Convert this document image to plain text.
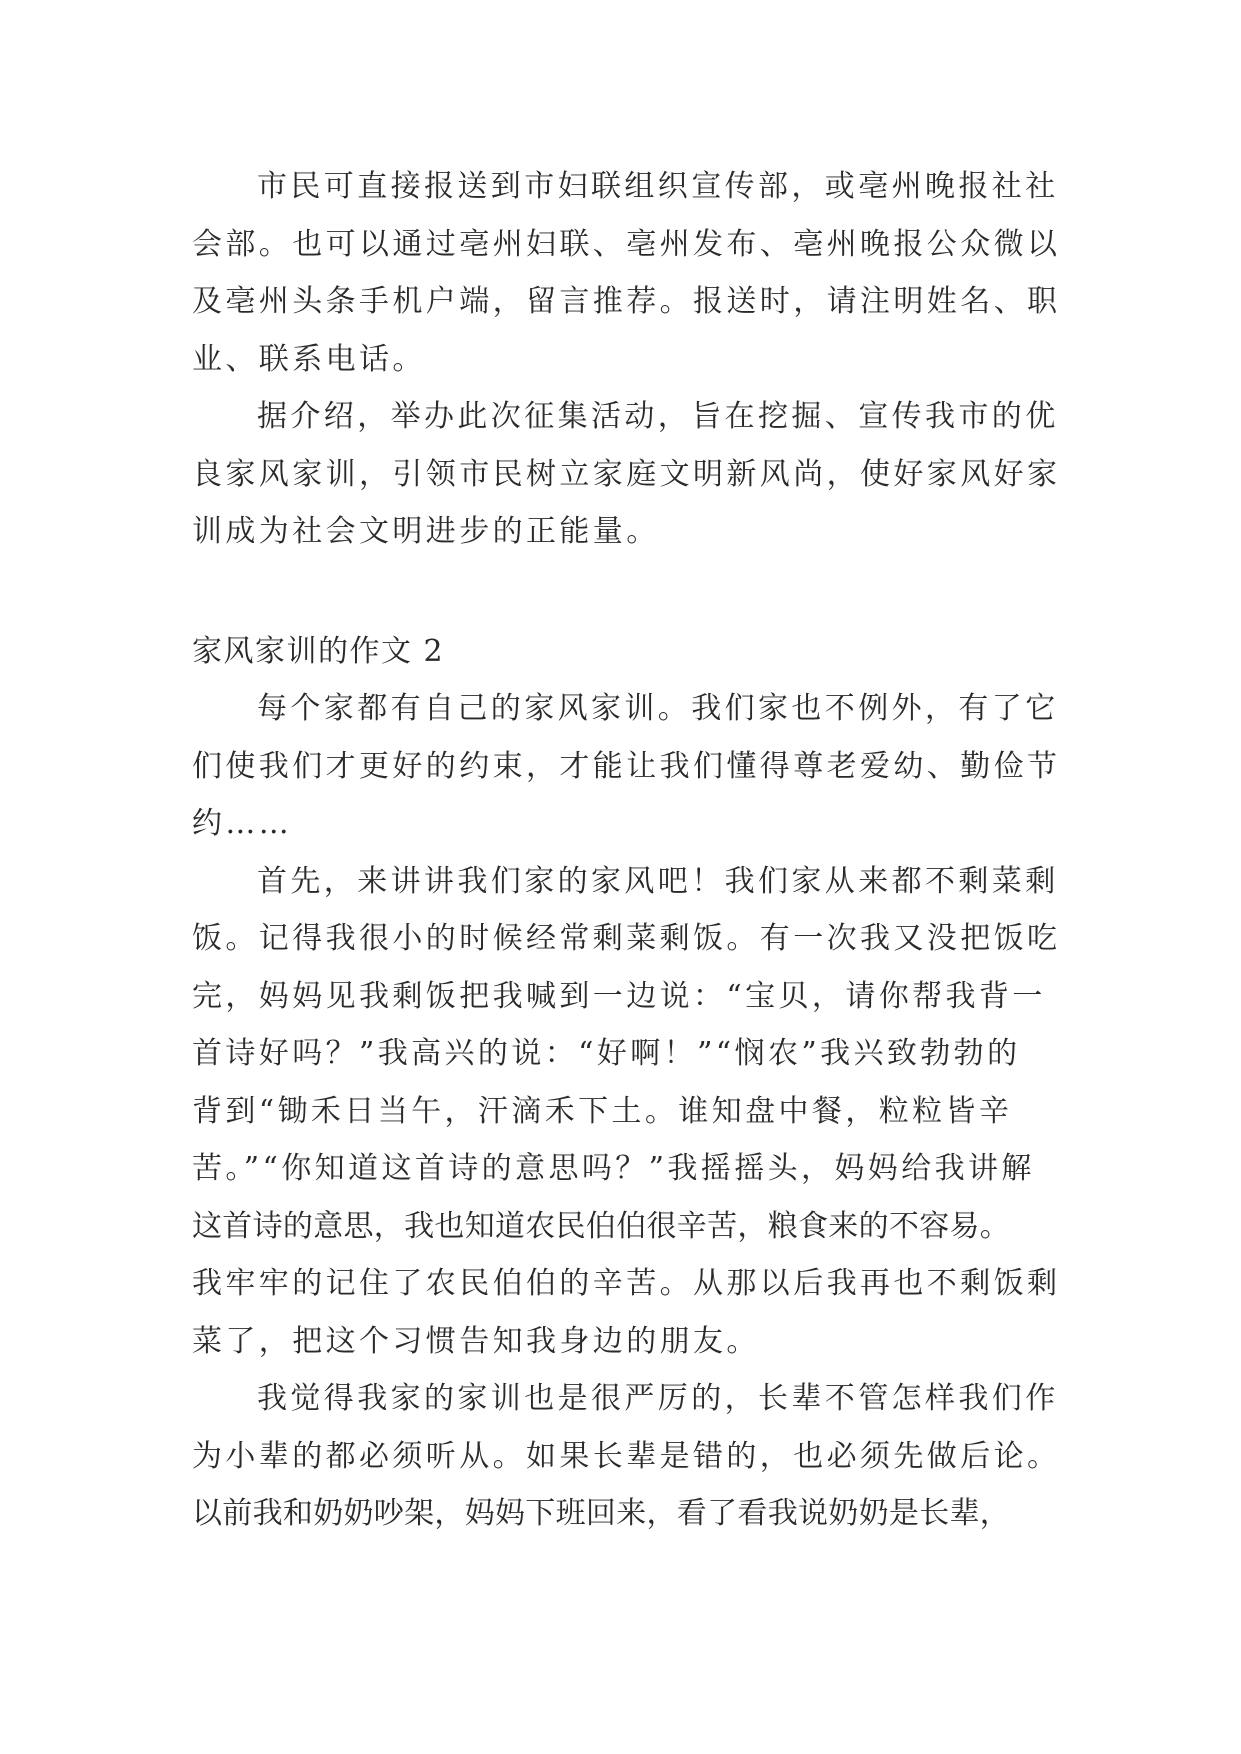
市民可直接报送到市妇联组织宣传部，或亳州晚报社社
会部。也可以通过亳州妇联、亳州发布、亳州晚报公众微以
及亳州头条手机户端，留言推荐。报送时，请注明姓名、职
业、联系电话。
据介绍，举办此次征集活动，旨在挖掘、宣传我市的优
良家风家训，引领市民树立家庭文明新风尚，使好家风好家
训成为社会文明进步的正能量。
家风家训的作文 2
每个家都有自己的家风家训。我们家也不例外，有了它
们使我们才更好的约束，才能让我们懂得尊老爱幼、勤俭节
约……
首先，来讲讲我们家的家风吧！我们家从来都不剩菜剩
饭。记得我很小的时候经常剩菜剩饭。有一次我又没把饭吃
完，妈妈见我剩饭把我喊到一边说：“宝贝，请你帮我背一
首诗好吗？”我高兴的说：“好啊！”“悯农”我兴致勃勃的
背到“锄禾日当午，汗滴禾下土。谁知盘中餐，粒粒皆辛
苦。”“你知道这首诗的意思吗？”我摇摇头，妈妈给我讲解
这首诗的意思，我也知道农民伯伯很辛苦，粮食来的不容易。
我牢牢的记住了农民伯伯的辛苦。从那以后我再也不剩饭剩
菜了，把这个习惯告知我身边的朋友。
我觉得我家的家训也是很严厉的，长辈不管怎样我们作
为小辈的都必须听从。如果长辈是错的，也必须先做后论。
以前我和奶奶吵架，妈妈下班回来，看了看我说奶奶是长辈，
